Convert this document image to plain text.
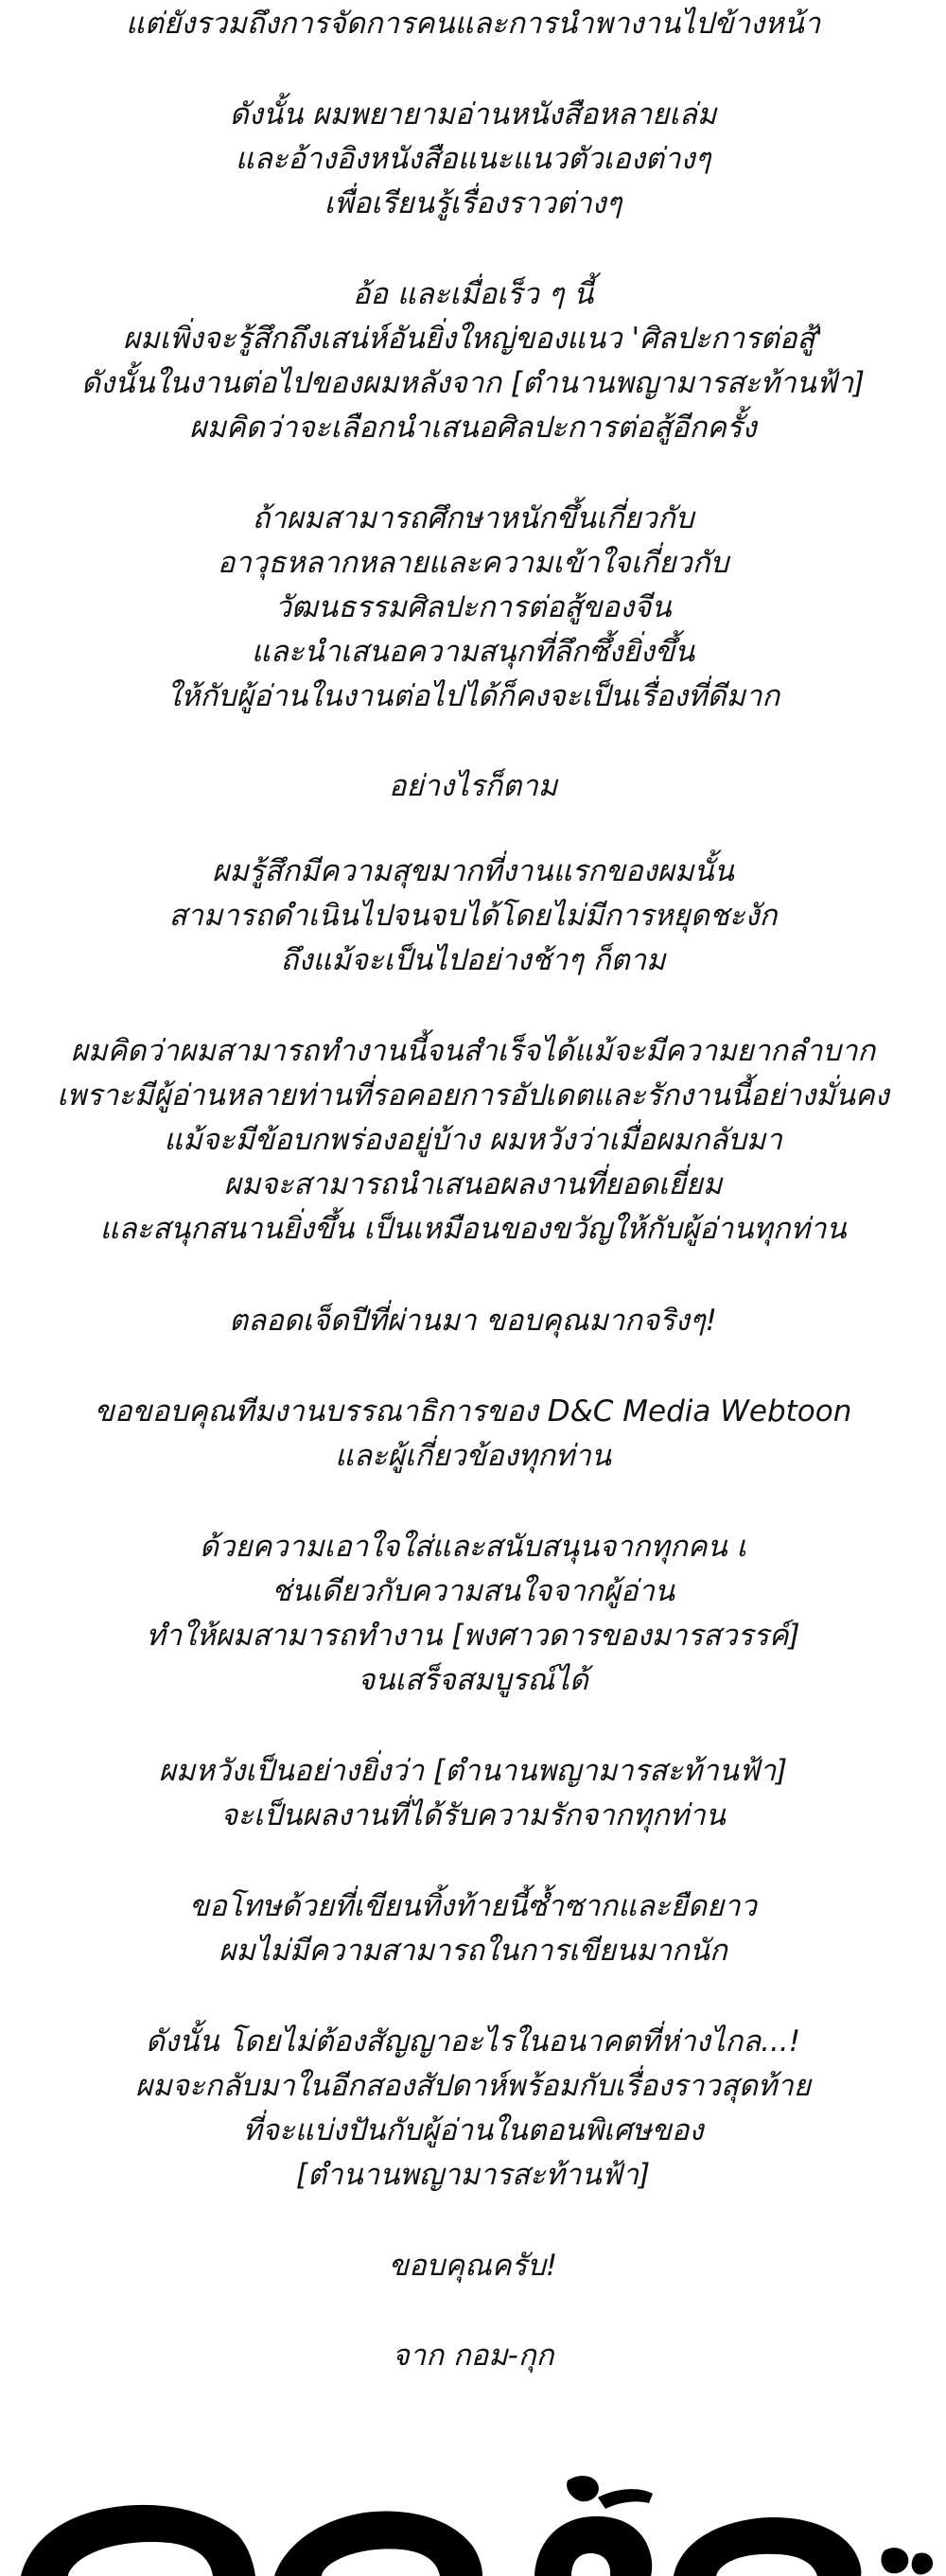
แต่ยังรวมถึงการจัดการคนและการนำพางานไปข้างหน้า
ดังนั้น ผมพยายามอ่านหนังสือหลายเล่ม
และอ้างอิงหนังสือแนะแนวตัวเองต่างๆ
เพื่อเรียนรู้เรื่องราวต่างๆ
อ้อ และเมื่อเร็ว ๆ นี้
ผมเพิ่งจะรู้สึกถึงเสน่ห์อันยิ่งใหญ่ของแนว 'ศิลปะการต่อสู้'
ดังนั้นในงานต่อไปของผมหลังจาก [ตำนานพญามารสะท้านฟ้า]
ผมคิดว่าจะเลือกนำเสนอศิลปะการต่อสู้อีกครั้ง
ถ้าผมสามารถศึกษาหนักขึ้นเกี่ยวกับ
อาวุธหลากหลายและความเข้าใจเกี่ยวกับ
วัฒนธรรมศิลปะการต่อสู้ของจีน
และนำเสนอความสนุกที่ลึกซึ้งยิ่งขึ้น
ให้กับผู้อ่านในงานต่อไปได้ก็คงจะเป็นเรื่องที่ดีมาก
อย่างไรก็ตาม
ผมรู้สึกมีความสุขมากที่งานแรกของผมนั้น
สามารถดำเนินไปจนจบได้โดยไม่มีการหยุดชะงัก
ถึงแม้จะเป็นไปอย่างช้าๆ ก็ตาม
ผมคิดว่าผมสามารถทำงานนี้จนสำเร็จได้แม้จะมีความยากลำบาก
เพราะมีผู้อ่านหลายท่านที่รอคอยการอัปเดตและรักงานนี้อย่างมั่นคง
แม้จะมีข้อบกพร่องอยู่บ้าง ผมหวังว่าเมื่อผมกลับมา
ผมจะสามารถนำเสนอผลงานที่ยอดเยี่ยม
และสนุกสนานยิ่งขึ้น เป็นเหมือนของขวัญให้กับผู้อ่านทุกท่าน
ตลอดเจ็ดปีที่ผ่านมา ขอบคุณมากจริงๆ!
ขอขอบคุณทีมงานบรรณาธิการของ D&C Media Webtoon
และผู้เกี่ยวข้องทุกท่าน
ด้วยความเอาใจใส่และสนับสนุนจากทุกคน เ
ช่นเดียวกับความสนใจจากผู้อ่าน
ทำให้ผมสามารถทำงาน [พงศาวดารของมารสวรรค์]
จนเสร็จสมบูรณ์ได้
ผมหวังเป็นอย่างยิ่งว่า [ตำนานพญามารสะท้านฟ้า]
จะเป็นผลงานที่ได้รับความรักจากทุกท่าน
ขอโทษด้วยที่เขียนทิ้งท้ายนี้ซ้ำซากและยืดยาว
ผมไม่มีความสามารถในการเขียนมากนัก
ดังนั้น โดยไม่ต้องสัญญาอะไรในอนาคตที่ห่างไกล...!
ผมจะกลับมาในอีกสองสัปดาห์พร้อมกับเรื่องราวสุดท้าย
ที่จะแบ่งปันกับผู้อ่านในตอนพิเศษของ
[ตำนานพญามารสะท้านฟ้า]
ขอบคุณครับ!
จาก กอม-กุก
